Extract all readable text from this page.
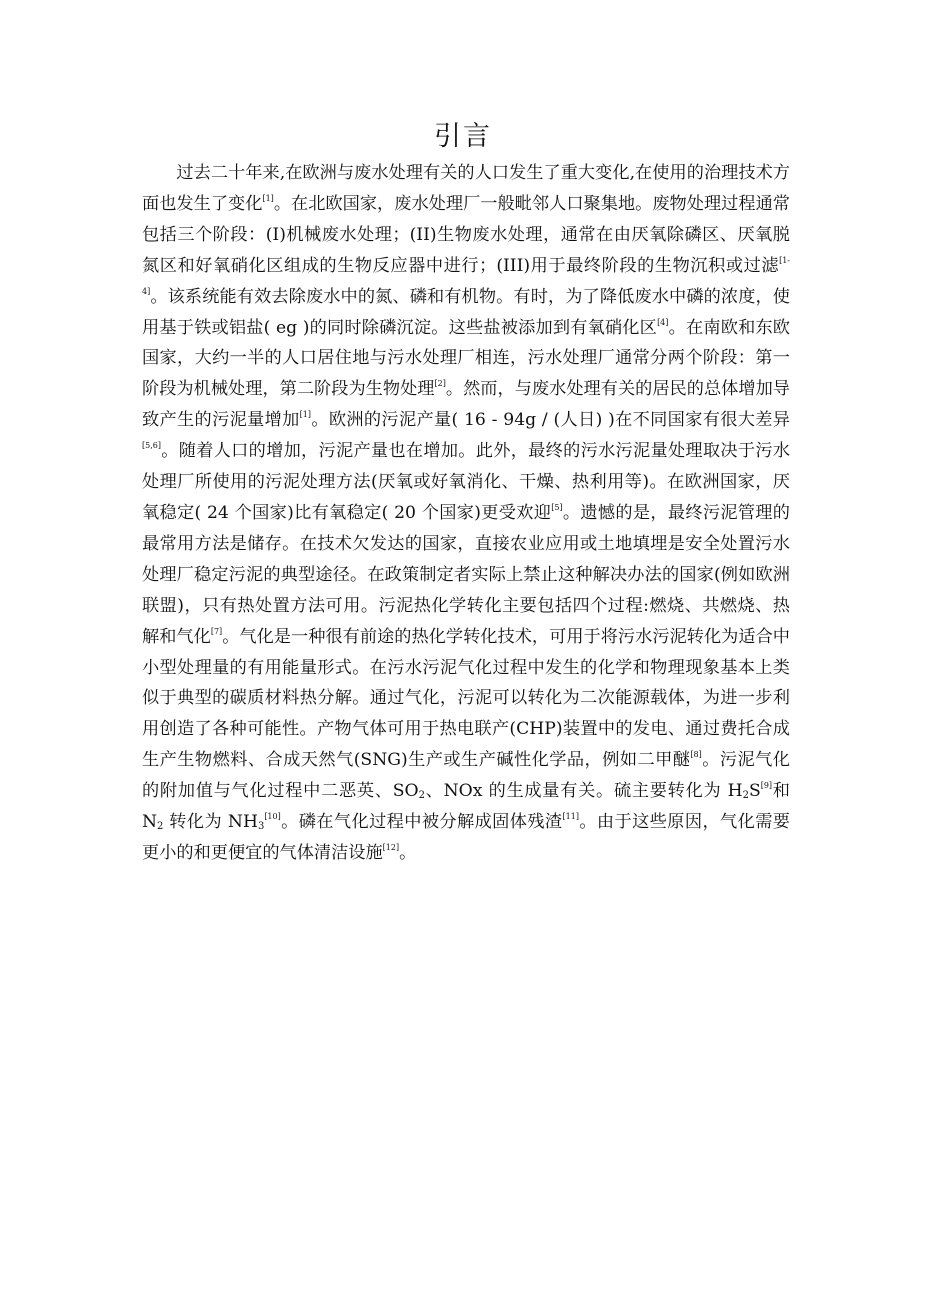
引言

过去二十年来,在欧洲与废水处理有关的人口发生了重大变化,在使用的治理技术方面也发生了变化[1]。在北欧国家，废水处理厂一般毗邻人口聚集地。废物处理过程通常包括三个阶段：(I)机械废水处理；(II)生物废水处理，通常在由厌氧除磷区、厌氧脱氮区和好氧硝化区组成的生物反应器中进行；(III)用于最终阶段的生物沉积或过滤[1-4]。该系统能有效去除废水中的氮、磷和有机物。有时，为了降低废水中磷的浓度，使用基于铁或铝盐( eg )的同时除磷沉淀。这些盐被添加到有氧硝化区[4]。在南欧和东欧国家，大约一半的人口居住地与污水处理厂相连，污水处理厂通常分两个阶段：第一阶段为机械处理，第二阶段为生物处理[2]。然而，与废水处理有关的居民的总体增加导致产生的污泥量增加[1]。欧洲的污泥产量( 16 - 94g / (人日) )在不同国家有很大差异[5,6]。随着人口的增加，污泥产量也在增加。此外，最终的污水污泥量处理取决于污水处理厂所使用的污泥处理方法(厌氧或好氧消化、干燥、热利用等)。在欧洲国家，厌氧稳定( 24 个国家)比有氧稳定( 20 个国家)更受欢迎[5]。遗憾的是，最终污泥管理的最常用方法是储存。在技术欠发达的国家，直接农业应用或土地填埋是安全处置污水处理厂稳定污泥的典型途径。在政策制定者实际上禁止这种解决办法的国家(例如欧洲联盟)，只有热处置方法可用。污泥热化学转化主要包括四个过程:燃烧、共燃烧、热解和气化[7]。气化是一种很有前途的热化学转化技术，可用于将污水污泥转化为适合中小型处理量的有用能量形式。在污水污泥气化过程中发生的化学和物理现象基本上类似于典型的碳质材料热分解。通过气化，污泥可以转化为二次能源载体，为进一步利用创造了各种可能性。产物气体可用于热电联产(CHP)装置中的发电、通过费托合成生产生物燃料、合成天然气(SNG)生产或生产碱性化学品，例如二甲醚[8]。污泥气化的附加值与气化过程中二恶英、$SO_2$、NOx 的生成量有关。硫主要转化为 $H_2S[9]$和 $N_2$ 转化为 $NH_3[10]$。磷在气化过程中被分解成固体残渣[11]。由于这些原因，气化需要更小的和更便宜的气体清洁设施[12]。
